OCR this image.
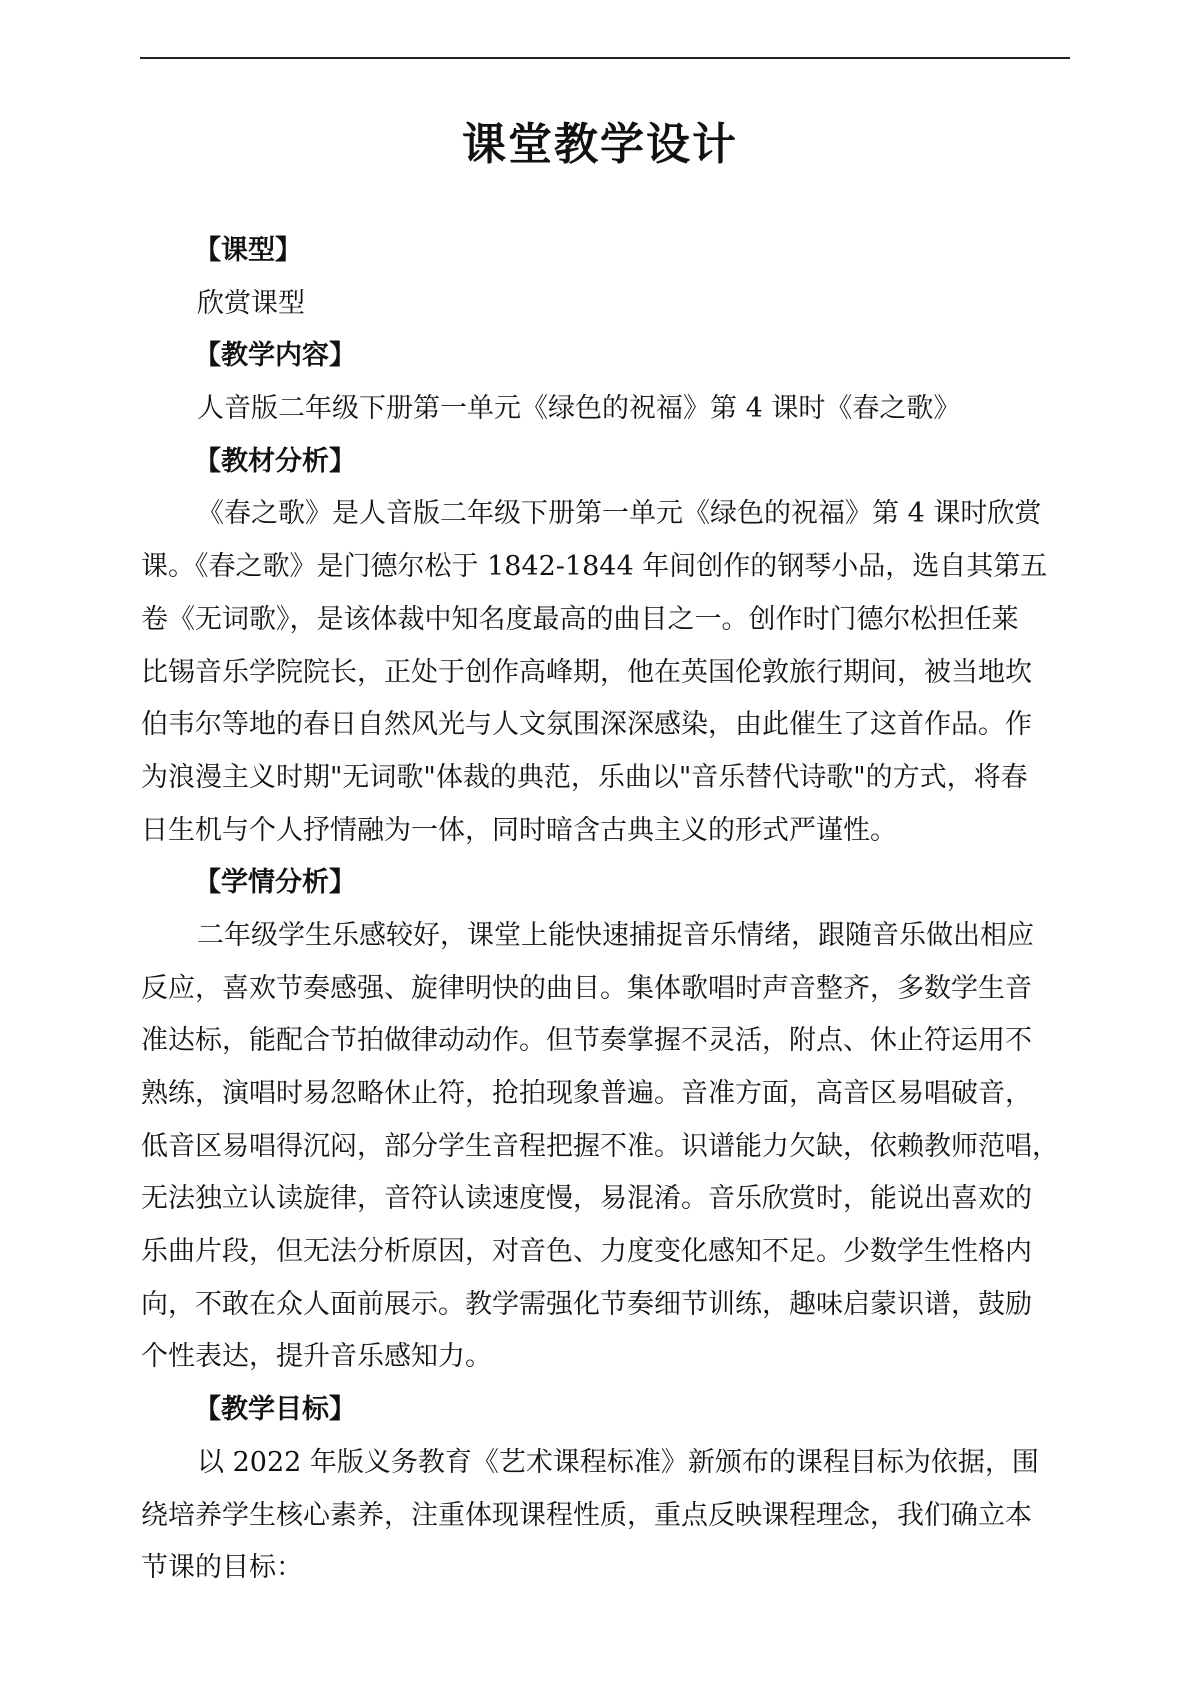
课堂教学设计

【课型】

欣赏课型

【教学内容】

人音版二年级下册第一单元《绿色的祝福》第 4 课时《春之歌》

【教材分析】

《春之歌》是人音版二年级下册第一单元《绿色的祝福》第 4 课时欣赏

课。《春之歌》是门德尔松于 1842-1844 年间创作的钢琴小品，选自其第五

卷《无词歌》，是该体裁中知名度最高的曲目之一。创作时门德尔松担任莱

比锡音乐学院院长，正处于创作高峰期，他在英国伦敦旅行期间，被当地坎

伯韦尔等地的春日自然风光与人文氛围深深感染，由此催生了这首作品。作

为浪漫主义时期"无词歌"体裁的典范，乐曲以"音乐替代诗歌"的方式，将春

日生机与个人抒情融为一体，同时暗含古典主义的形式严谨性。

【学情分析】

二年级学生乐感较好，课堂上能快速捕捉音乐情绪，跟随音乐做出相应

反应，喜欢节奏感强、旋律明快的曲目。集体歌唱时声音整齐，多数学生音

准达标，能配合节拍做律动动作。但节奏掌握不灵活，附点、休止符运用不

熟练，演唱时易忽略休止符，抢拍现象普遍。音准方面，高音区易唱破音，

低音区易唱得沉闷，部分学生音程把握不准。识谱能力欠缺，依赖教师范唱，

无法独立认读旋律，音符认读速度慢，易混淆。音乐欣赏时，能说出喜欢的

乐曲片段，但无法分析原因，对音色、力度变化感知不足。少数学生性格内

向，不敢在众人面前展示。教学需强化节奏细节训练，趣味启蒙识谱，鼓励

个性表达，提升音乐感知力。

【教学目标】

以 2022 年版义务教育《艺术课程标准》新颁布的课程目标为依据，围

绕培养学生核心素养，注重体现课程性质，重点反映课程理念，我们确立本

节课的目标：
